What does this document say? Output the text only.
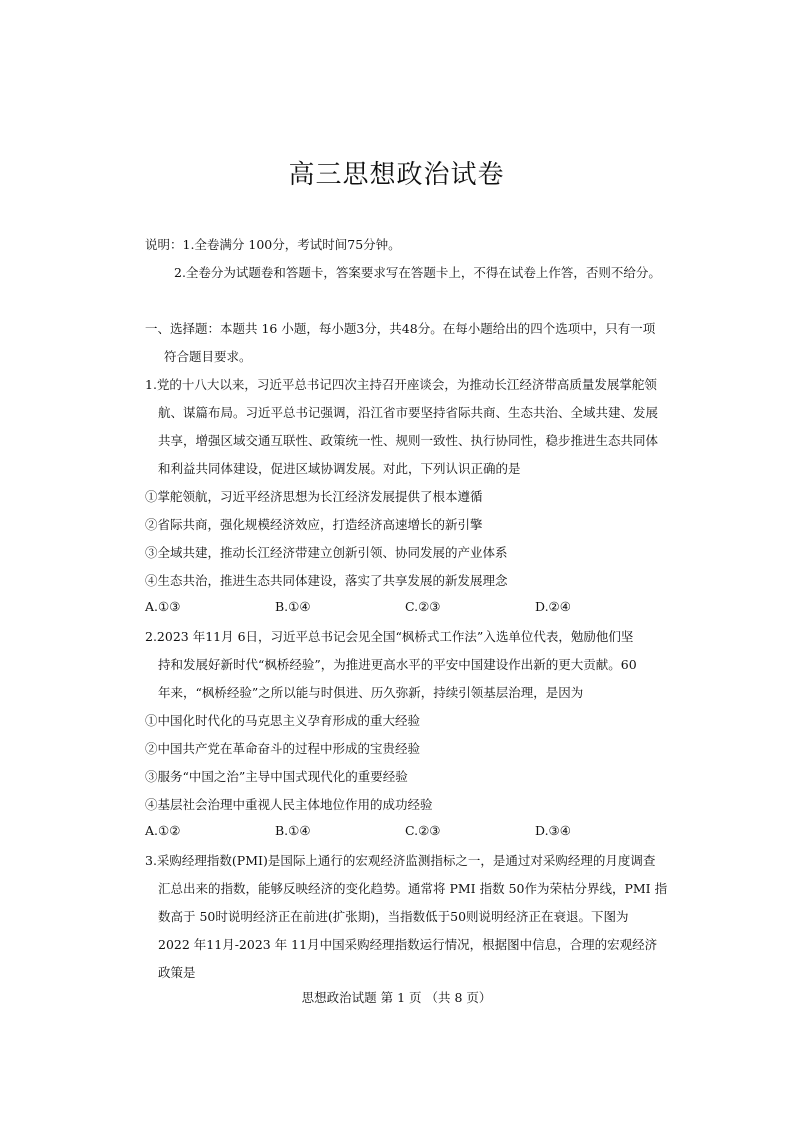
高三思想政治试卷
说明：1.全卷满分 100分，考试时间75分钟。
2.全卷分为试题卷和答题卡，答案要求写在答题卡上，不得在试卷上作答，否则不给分。
一、选择题：本题共 16 小题，每小题3分，共48分。在每小题给出的四个选项中，只有一项
符合题目要求。
1.党的十八大以来，习近平总书记四次主持召开座谈会，为推动长江经济带高质量发展掌舵领
航、谋篇布局。习近平总书记强调，沿江省市要坚持省际共商、生态共治、全域共建、发展
共享，增强区域交通互联性、政策统一性、规则一致性、执行协同性，稳步推进生态共同体
和利益共同体建设，促进区域协调发展。对此，下列认识正确的是
①掌舵领航，习近平经济思想为长江经济发展提供了根本遵循
②省际共商，强化规模经济效应，打造经济高速增长的新引擎
③全域共建，推动长江经济带建立创新引领、协同发展的产业体系
④生态共治，推进生态共同体建设，落实了共享发展的新发展理念
A.①③	B.①④	C.②③	D.②④
2.2023 年11月 6日，习近平总书记会见全国“枫桥式工作法”入选单位代表，勉励他们坚
持和发展好新时代“枫桥经验”，为推进更高水平的平安中国建设作出新的更大贡献。60
年来，“枫桥经验”之所以能与时俱进、历久弥新，持续引领基层治理，是因为
①中国化时代化的马克思主义孕育形成的重大经验
②中国共产党在革命奋斗的过程中形成的宝贵经验
③服务“中国之治”主导中国式现代化的重要经验
④基层社会治理中重视人民主体地位作用的成功经验
A.①②	B.①④	C.②③	D.③④
3.采购经理指数(PMI)是国际上通行的宏观经济监测指标之一，是通过对采购经理的月度调查
汇总出来的指数，能够反映经济的变化趋势。通常将 PMI 指数 50作为荣枯分界线，PMI 指
数高于 50时说明经济正在前进(扩张期)，当指数低于50则说明经济正在衰退。下图为
2022 年11月-2023 年 11月中国采购经理指数运行情况，根据图中信息，合理的宏观经济
政策是
思想政治试题 第 1 页 （共 8 页）
